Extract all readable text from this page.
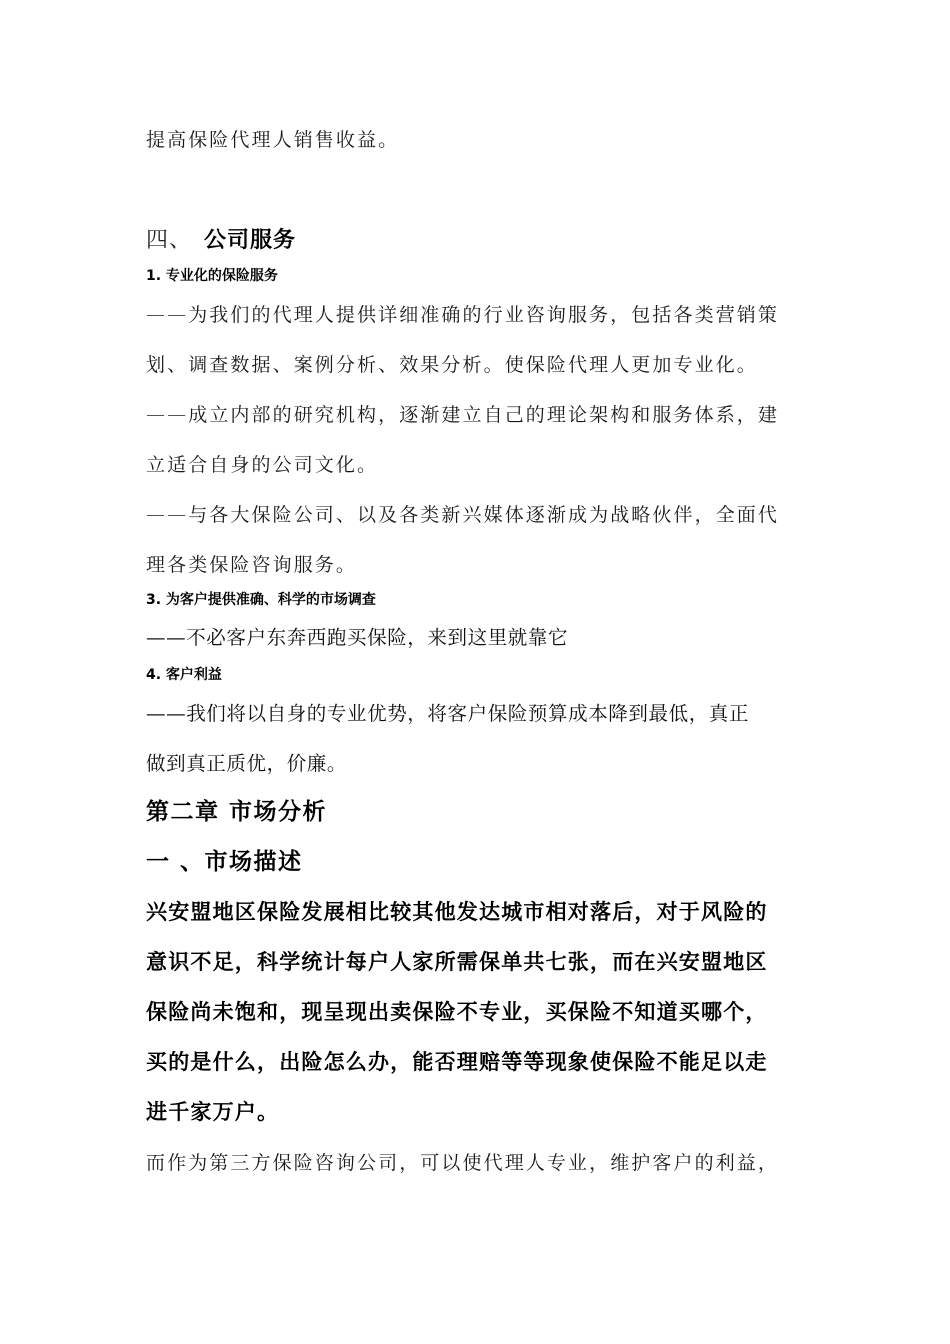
提高保险代理人销售收益。
四、 公司服务
1. 专业化的保险服务
——为我们的代理人提供详细准确的行业咨询服务，包括各类营销策
划、调查数据、案例分析、效果分析。使保险代理人更加专业化。
——成立内部的研究机构，逐渐建立自己的理论架构和服务体系，建
立适合自身的公司文化。
——与各大保险公司、以及各类新兴媒体逐渐成为战略伙伴，全面代
理各类保险咨询服务。
3. 为客户提供准确、科学的市场调查
——不必客户东奔西跑买保险，来到这里就靠它
4. 客户利益
——我们将以自身的专业优势，将客户保险预算成本降到最低，真正
做到真正质优，价廉。
第二章 市场分析
一 、市场描述
兴安盟地区保险发展相比较其他发达城市相对落后，对于风险的
意识不足，科学统计每户人家所需保单共七张，而在兴安盟地区
保险尚未饱和，现呈现出卖保险不专业，买保险不知道买哪个，
买的是什么，出险怎么办，能否理赔等等现象使保险不能足以走
进千家万户。
而作为第三方保险咨询公司，可以使代理人专业，维护客户的利益，
